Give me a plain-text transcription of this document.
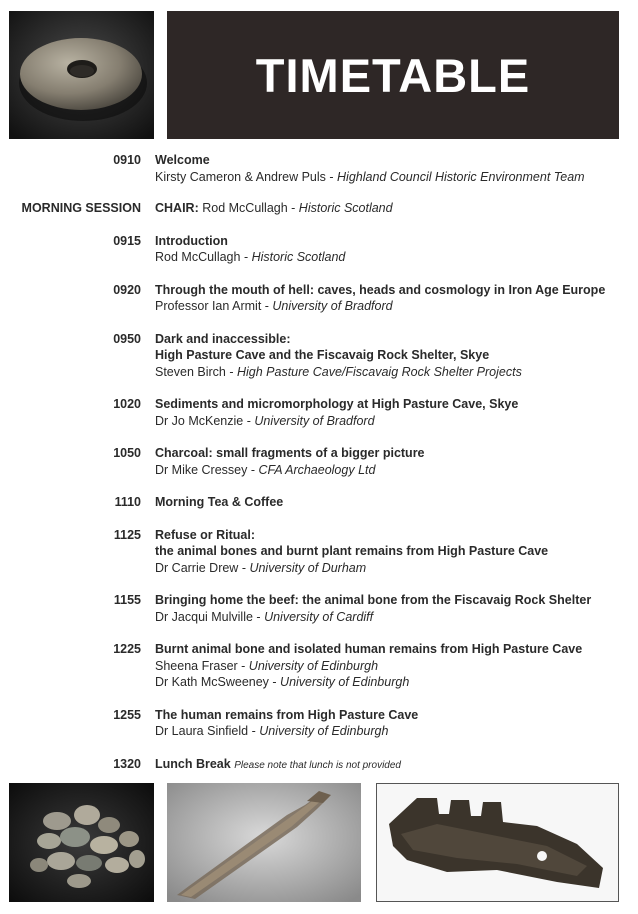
TIMETABLE
0910	Welcome
Kirsty Cameron & Andrew Puls - Highland Council Historic Environment Team
MORNING SESSION	CHAIR: Rod McCullagh - Historic Scotland
0915	Introduction
Rod McCullagh - Historic Scotland
0920	Through the mouth of hell: caves, heads and cosmology in Iron Age Europe
Professor Ian Armit - University of Bradford
0950	Dark and inaccessible:
High Pasture Cave and the Fiscavaig Rock Shelter, Skye
Steven Birch - High Pasture Cave/Fiscavaig Rock Shelter Projects
1020	Sediments and micromorphology at High Pasture Cave, Skye
Dr Jo McKenzie - University of Bradford
1050	Charcoal: small fragments of a bigger picture
Dr Mike Cressey - CFA Archaeology Ltd
1110	Morning Tea & Coffee
1125	Refuse or Ritual:
the animal bones and burnt plant remains from High Pasture Cave
Dr Carrie Drew - University of Durham
1155	Bringing home the beef: the animal bone from the Fiscavaig Rock Shelter
Dr Jacqui Mulville - University of Cardiff
1225	Burnt animal bone and isolated human remains from High Pasture Cave
Sheena Fraser - University of Edinburgh
Dr Kath McSweeney - University of Edinburgh
1255	The human remains from High Pasture Cave
Dr Laura Sinfield - University of Edinburgh
1320	Lunch Break Please note that lunch is not provided
